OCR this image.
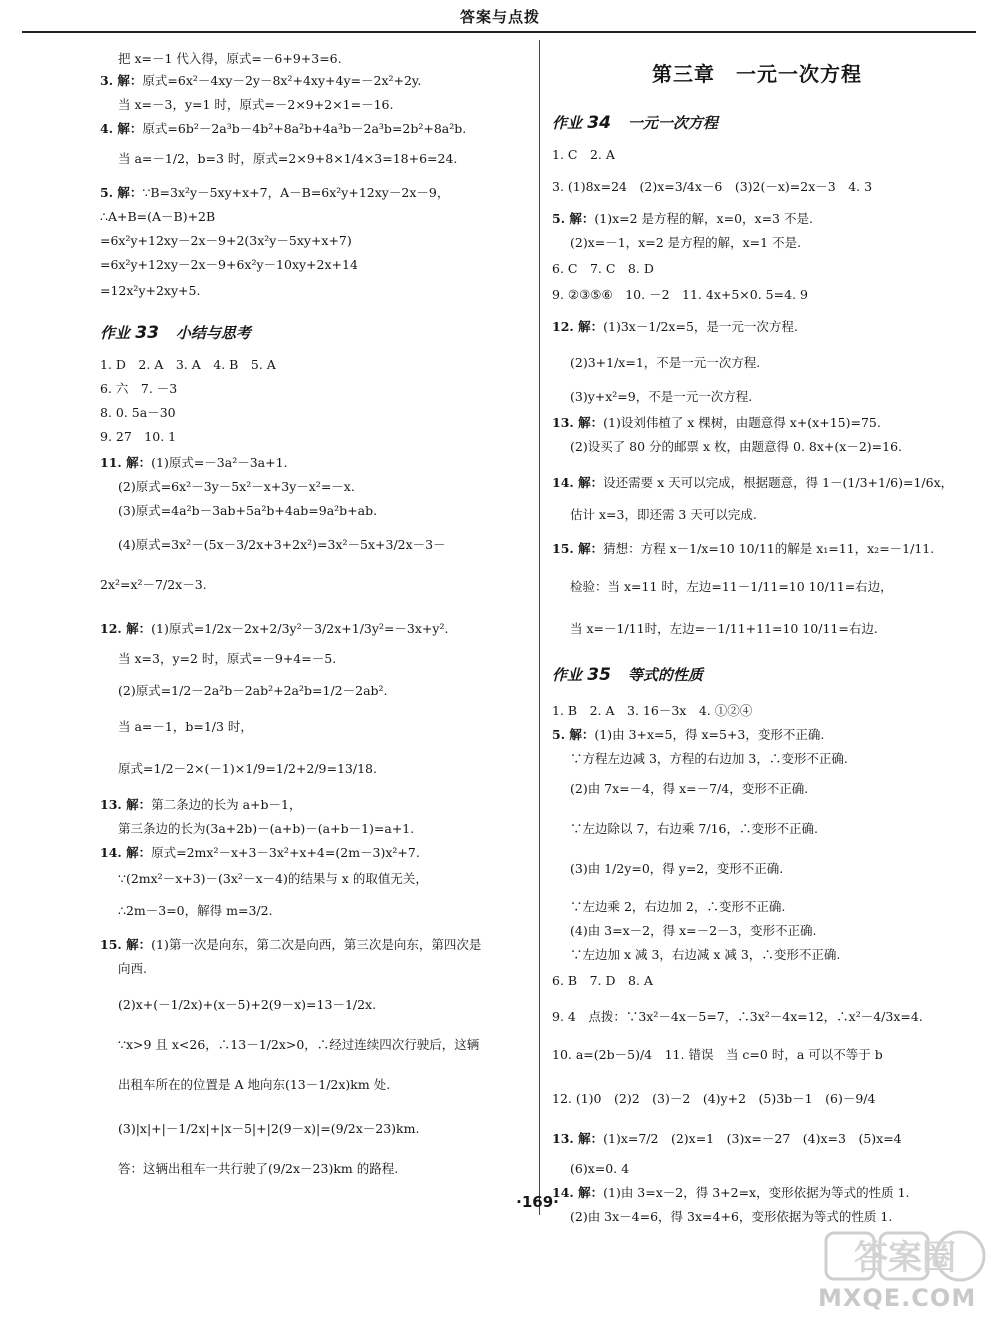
答案与点拨
把 x=－1 代入得，原式=－6+9+3=6.
3. 解：原式=6x²－4xy－2y－8x²+4xy+4y=－2x²+2y.
当 x=－3，y=1 时，原式=－2×9+2×1=－16.
4. 解：原式=6b²－2a³b－4b²+8a²b+4a³b－2a³b=2b²+8a²b.
当 a=－1/2，b=3 时，原式=2×9+8×1/4×3=18+6=24.
5. 解：∵B=3x²y－5xy+x+7，A－B=6x²y+12xy－2x－9，
∴A+B=(A－B)+2B
=6x²y+12xy－2x－9+2(3x²y－5xy+x+7)
=6x²y+12xy－2x－9+6x²y－10xy+2x+14
=12x²y+2xy+5.
1. D　2. A　3. A　4. B　5. A
6. 六　7. －3
8. 0. 5a－30
9. 27　10. 1
11. 解：(1)原式=－3a²－3a+1.
(2)原式=6x²－3y－5x²－x+3y－x²=－x.
(3)原式=4a²b－3ab+5a²b+4ab=9a²b+ab.
(4)原式=3x²－(5x－3/2x+3+2x²)=3x²－5x+3/2x－3－
2x²=x²－7/2x－3.
12. 解：(1)原式=1/2x－2x+2/3y²－3/2x+1/3y²=－3x+y².
当 x=3，y=2 时，原式=－9+4=－5.
(2)原式=1/2－2a²b－2ab²+2a²b=1/2－2ab².
当 a=－1，b=1/3 时，
原式=1/2－2×(－1)×1/9=1/2+2/9=13/18.
13. 解：第二条边的长为 a+b－1，
第三条边的长为(3a+2b)－(a+b)－(a+b－1)=a+1.
14. 解：原式=2mx²－x+3－3x²+x+4=(2m－3)x²+7.
∵(2mx²－x+3)－(3x²－x－4)的结果与 x 的取值无关，
∴2m－3=0，解得 m=3/2.
15. 解：(1)第一次是向东，第二次是向西，第三次是向东，第四次是
向西.
(2)x+(－1/2x)+(x－5)+2(9－x)=13－1/2x.
∵x>9 且 x<26，∴13－1/2x>0，∴经过连续四次行驶后，这辆
出租车所在的位置是 A 地向东(13－1/2x)km 处.
(3)|x|+|－1/2x|+|x－5|+|2(9－x)|=(9/2x－23)km.
答：这辆出租车一共行驶了(9/2x－23)km 的路程.
作业 33　小结与思考
1. C　2. A
3. (1)8x=24　(2)x=3/4x－6　(3)2(－x)=2x－3　4. 3
5. 解：(1)x=2 是方程的解，x=0，x=3 不是.
(2)x=－1，x=2 是方程的解，x=1 不是.
6. C　7. C　8. D
9. ②③⑤⑥　10. －2　11. 4x+5×0. 5=4. 9
12. 解：(1)3x－1/2x=5，是一元一次方程.
(2)3+1/x=1，不是一元一次方程.
(3)y+x²=9，不是一元一次方程.
13. 解：(1)设刘伟植了 x 棵树，由题意得 x+(x+15)=75.
(2)设买了 80 分的邮票 x 枚，由题意得 0. 8x+(x－2)=16.
14. 解：设还需要 x 天可以完成，根据题意，得 1－(1/3+1/6)=1/6x，
估计 x=3，即还需 3 天可以完成.
15. 解：猜想：方程 x－1/x=10 10/11的解是 x₁=11，x₂=－1/11.
检验：当 x=11 时，左边=11－1/11=10 10/11=右边，
当 x=－1/11时，左边=－1/11+11=10 10/11=右边.
1. B　2. A　3. 16－3x　4. ①②④
5. 解：(1)由 3+x=5，得 x=5+3，变形不正确.
∵方程左边减 3，方程的右边加 3，∴变形不正确.
(2)由 7x=－4，得 x=－7/4，变形不正确.
∵左边除以 7，右边乘 7/16，∴变形不正确.
(3)由 1/2y=0，得 y=2，变形不正确.
∵左边乘 2，右边加 2，∴变形不正确.
(4)由 3=x－2，得 x=－2－3，变形不正确.
∵左边加 x 减 3，右边减 x 减 3，∴变形不正确.
6. B　7. D　8. A
9. 4　点拨：∵3x²－4x－5=7，∴3x²－4x=12，∴x²－4/3x=4.
10. a=(2b－5)/4　11. 错误　当 c=0 时，a 可以不等于 b
12. (1)0　(2)2　(3)－2　(4)y+2　(5)3b－1　(6)－9/4
13. 解：(1)x=7/2　(2)x=1　(3)x=－27　(4)x=3　(5)x=4
(6)x=0. 4
14. 解：(1)由 3=x－2，得 3+2=x，变形依据为等式的性质 1.
(2)由 3x－4=6，得 3x=4+6，变形依据为等式的性质 1.
作业 34　一元一次方程
作业 35　等式的性质
第三章　一元一次方程
·169·
答案圈
MXQE.COM
